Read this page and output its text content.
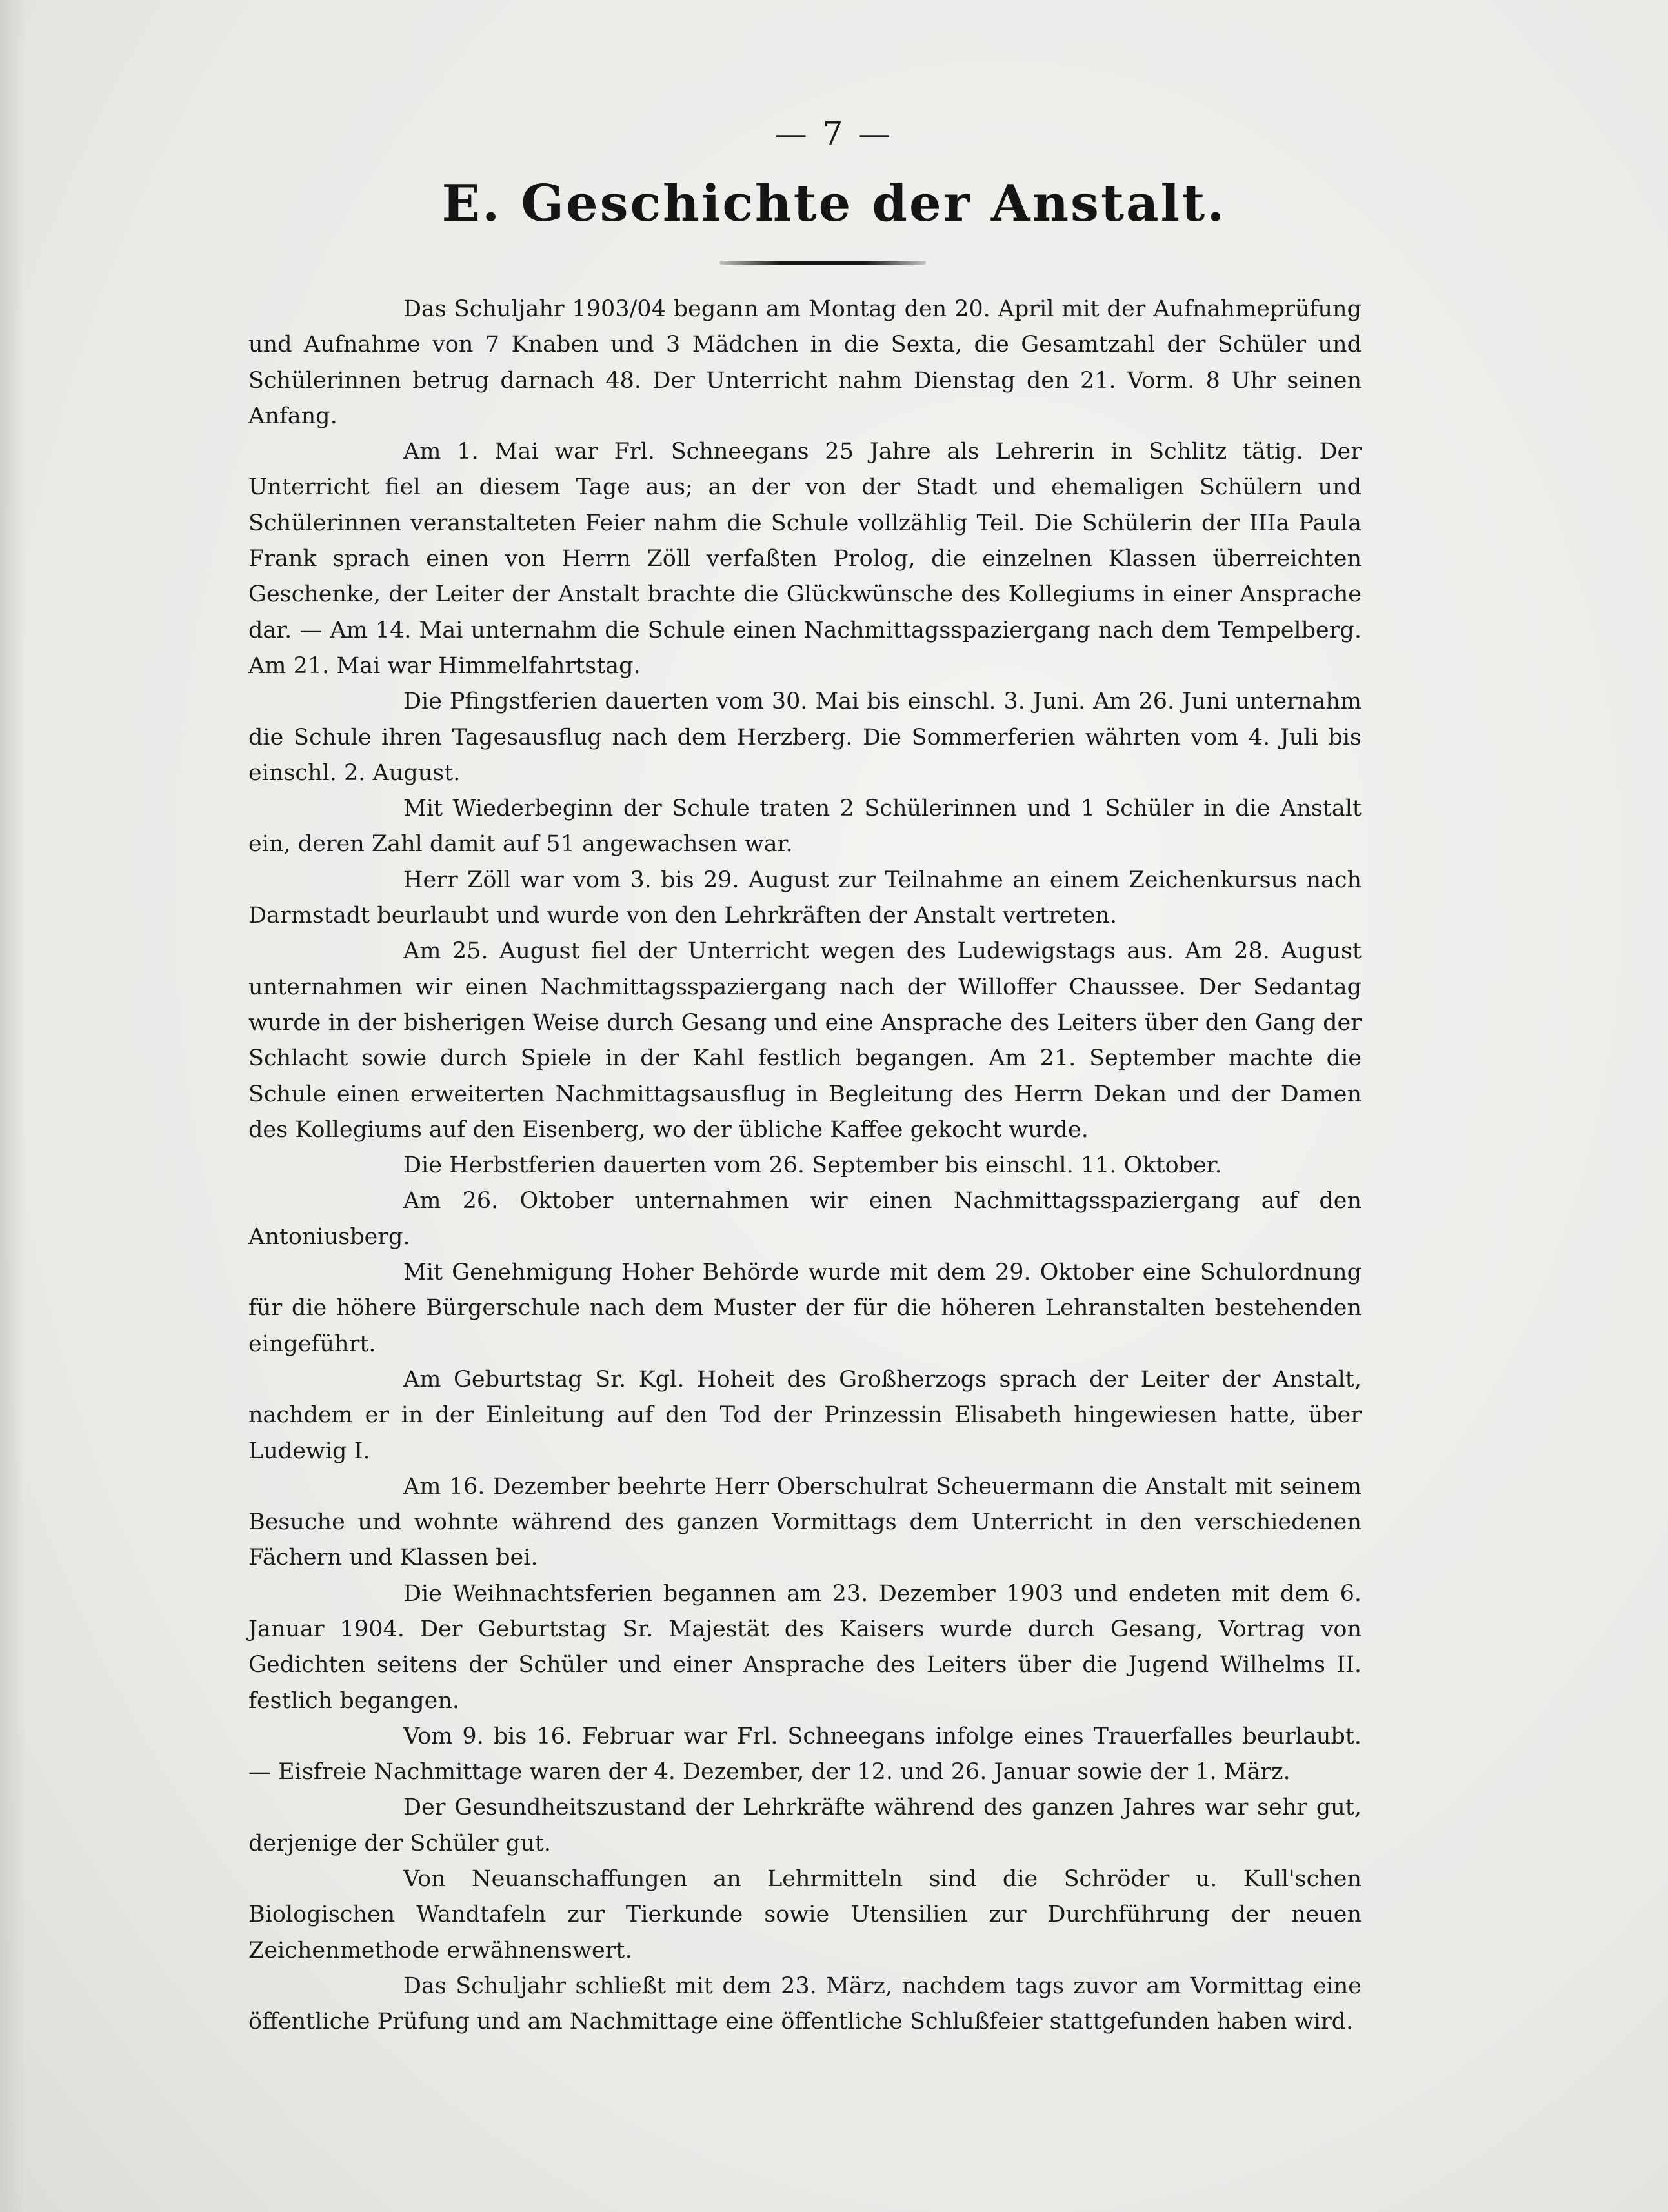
— 7 —
E. Geschichte der Anstalt.

Das Schuljahr 1903/04 begann am Montag den 20. April mit der Aufnahmeprüfung und Aufnahme von 7 Knaben und 3 Mädchen in die Sexta, die Gesamtzahl der Schüler und Schülerinnen betrug darnach 48. Der Unterricht nahm Dienstag den 21. Vorm. 8 Uhr seinen Anfang.

Am 1. Mai war Frl. Schneegans 25 Jahre als Lehrerin in Schlitz tätig. Der Unterricht fiel an diesem Tage aus; an der von der Stadt und ehemaligen Schülern und Schülerinnen veranstalteten Feier nahm die Schule vollzählig Teil. Die Schülerin der IIIa Paula Frank sprach einen von Herrn Zöll verfaßten Prolog, die einzelnen Klassen überreichten Geschenke, der Leiter der Anstalt brachte die Glückwünsche des Kollegiums in einer Ansprache dar. — Am 14. Mai unternahm die Schule einen Nachmittagsspaziergang nach dem Tempelberg. Am 21. Mai war Himmelfahrtstag.

Die Pfingstferien dauerten vom 30. Mai bis einschl. 3. Juni. Am 26. Juni unternahm die Schule ihren Tagesausflug nach dem Herzberg. Die Sommerferien währten vom 4. Juli bis einschl. 2. August.

Mit Wiederbeginn der Schule traten 2 Schülerinnen und 1 Schüler in die Anstalt ein, deren Zahl damit auf 51 angewachsen war.

Herr Zöll war vom 3. bis 29. August zur Teilnahme an einem Zeichenkursus nach Darmstadt beurlaubt und wurde von den Lehrkräften der Anstalt vertreten.

Am 25. August fiel der Unterricht wegen des Ludewigstags aus. Am 28. August unternahmen wir einen Nachmittagsspaziergang nach der Willoffer Chaussee. Der Sedantag wurde in der bisherigen Weise durch Gesang und eine Ansprache des Leiters über den Gang der Schlacht sowie durch Spiele in der Kahl festlich begangen. Am 21. September machte die Schule einen erweiterten Nachmittagsausflug in Begleitung des Herrn Dekan und der Damen des Kollegiums auf den Eisenberg, wo der übliche Kaffee gekocht wurde.

Die Herbstferien dauerten vom 26. September bis einschl. 11. Oktober.

Am 26. Oktober unternahmen wir einen Nachmittagsspaziergang auf den Antoniusberg.

Mit Genehmigung Hoher Behörde wurde mit dem 29. Oktober eine Schulordnung für die höhere Bürgerschule nach dem Muster der für die höheren Lehranstalten bestehenden eingeführt.

Am Geburtstag Sr. Kgl. Hoheit des Großherzogs sprach der Leiter der Anstalt, nachdem er in der Einleitung auf den Tod der Prinzessin Elisabeth hingewiesen hatte, über Ludewig I.

Am 16. Dezember beehrte Herr Oberschulrat Scheuermann die Anstalt mit seinem Besuche und wohnte während des ganzen Vormittags dem Unterricht in den verschiedenen Fächern und Klassen bei.

Die Weihnachtsferien begannen am 23. Dezember 1903 und endeten mit dem 6. Januar 1904. Der Geburtstag Sr. Majestät des Kaisers wurde durch Gesang, Vortrag von Gedichten seitens der Schüler und einer Ansprache des Leiters über die Jugend Wilhelms II. festlich begangen.

Vom 9. bis 16. Februar war Frl. Schneegans infolge eines Trauerfalles beurlaubt. — Eisfreie Nachmittage waren der 4. Dezember, der 12. und 26. Januar sowie der 1. März.

Der Gesundheitszustand der Lehrkräfte während des ganzen Jahres war sehr gut, derjenige der Schüler gut.

Von Neuanschaffungen an Lehrmitteln sind die Schröder u. Kull'schen Biologischen Wandtafeln zur Tierkunde sowie Utensilien zur Durchführung der neuen Zeichenmethode erwähnenswert.

Das Schuljahr schließt mit dem 23. März, nachdem tags zuvor am Vormittag eine öffentliche Prüfung und am Nachmittage eine öffentliche Schlußfeier stattgefunden haben wird.
